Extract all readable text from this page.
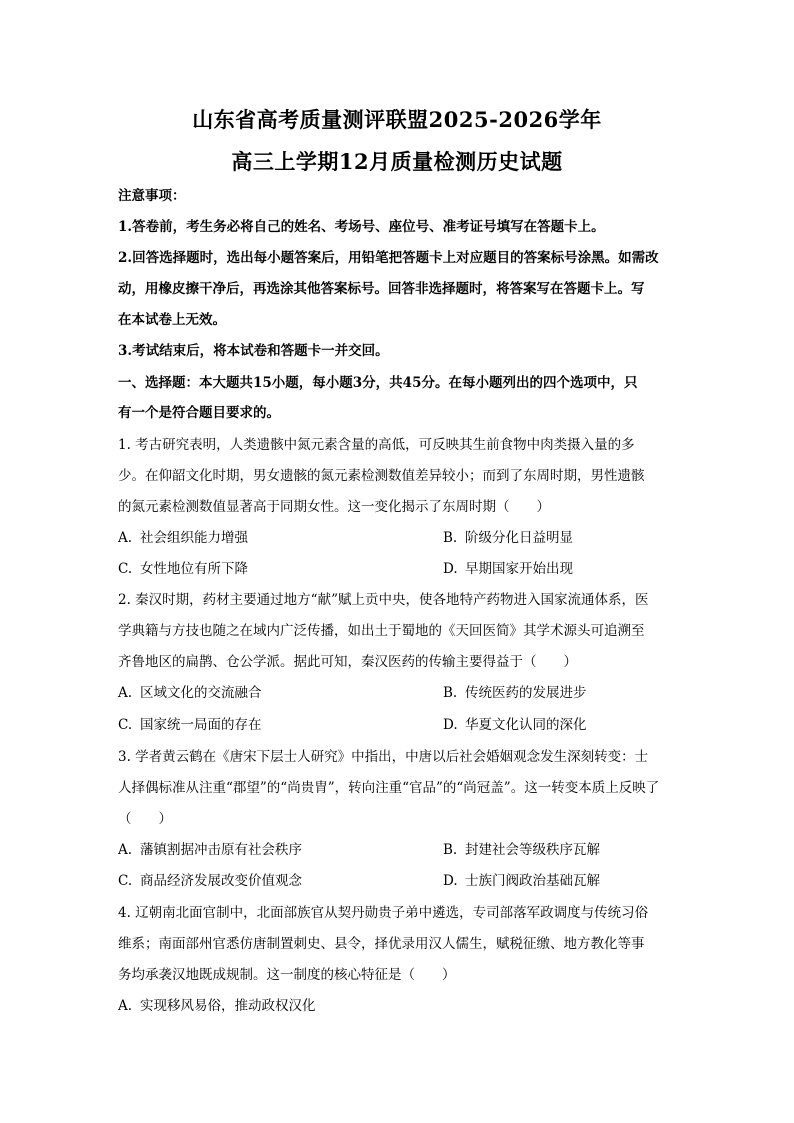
山东省高考质量测评联盟2025-2026学年
高三上学期12月质量检测历史试题
注意事项：
1.答卷前，考生务必将自己的姓名、考场号、座位号、准考证号填写在答题卡上。
2.回答选择题时，选出每小题答案后，用铅笔把答题卡上对应题目的答案标号涂黑。如需改
动，用橡皮擦干净后，再选涂其他答案标号。回答非选择题时，将答案写在答题卡上。写
在本试卷上无效。
3.考试结束后，将本试卷和答题卡一并交回。
一、选择题：本大题共15小题，每小题3分，共45分。在每小题列出的四个选项中，只
有一个是符合题目要求的。
1. 考古研究表明，人类遗骸中氮元素含量的高低，可反映其生前食物中肉类摄入量的多
少。在仰韶文化时期，男女遗骸的氮元素检测数值差异较小；而到了东周时期，男性遗骸
的氮元素检测数值显著高于同期女性。这一变化揭示了东周时期（　　）
A. 社会组织能力增强	B. 阶级分化日益明显
C. 女性地位有所下降	D. 早期国家开始出现
2. 秦汉时期，药材主要通过地方“献”赋上贡中央，使各地特产药物进入国家流通体系，医
学典籍与方技也随之在域内广泛传播，如出土于蜀地的《天回医简》其学术源头可追溯至
齐鲁地区的扁鹊、仓公学派。据此可知，秦汉医药的传输主要得益于（　　）
A. 区域文化的交流融合	B. 传统医药的发展进步
C. 国家统一局面的存在	D. 华夏文化认同的深化
3. 学者黄云鹤在《唐宋下层士人研究》中指出，中唐以后社会婚姻观念发生深刻转变：士
人择偶标准从注重“郡望”的“尚贵胄”，转向注重“官品”的“尚冠盖”。这一转变本质上反映了
（　　）
A. 藩镇割据冲击原有社会秩序	B. 封建社会等级秩序瓦解
C. 商品经济发展改变价值观念	D. 士族门阀政治基础瓦解
4. 辽朝南北面官制中，北面部族官从契丹勋贵子弟中遴选，专司部落军政调度与传统习俗
维系；南面部州官悉仿唐制置刺史、县令，择优录用汉人儒生，赋税征缴、地方教化等事
务均承袭汉地既成规制。这一制度的核心特征是（　　）
A. 实现移风易俗，推动政权汉化
